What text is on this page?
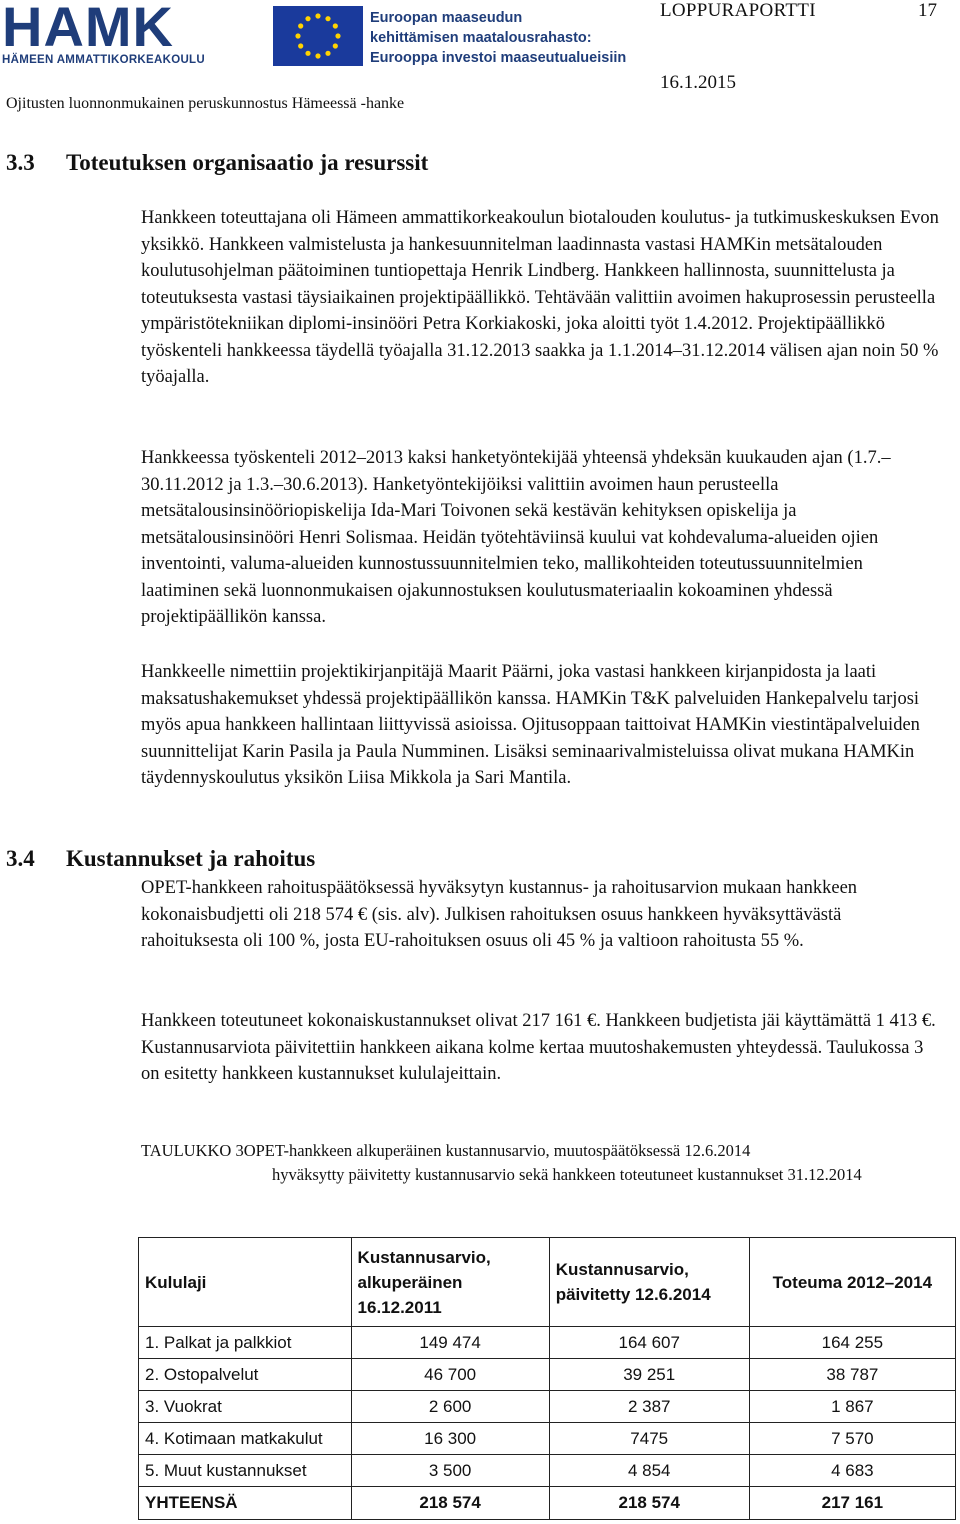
HAMK
HÄMEEN AMMATTIKORKEAKOULU
Euroopan maaseudun
kehittämisen maatalousrahasto:
Eurooppa investoi maaseutualueisiin
LOPPURAPORTTI	17
16.1.2015
Ojitusten luonnonmukainen peruskunnostus Hämeessä -hanke
3.3 Toteutuksen organisaatio ja resurssit

Hankkeen toteuttajana oli Hämeen ammattikorkeakoulun biotalouden koulutus- ja tutkimuskeskuksen Evon yksikkö. Hankkeen valmistelusta ja hankesuunnitelman laadinnasta vastasi HAMKin metsätalouden koulutusohjelman päätoiminen tuntiopettaja Henrik Lindberg. Hankkeen hallinnosta, suunnittelusta ja toteutuksesta vastasi täysiaikainen projektipäällikkö. Tehtävään valittiin avoimen hakuprosessin perusteella ympäristötekniikan diplomi-insinööri Petra Korkiakoski, joka aloitti työt 1.4.2012. Projektipäällikkö työskenteli hankkeessa täydellä työajalla 31.12.2013 saakka ja 1.1.2014–31.12.2014 välisen ajan noin 50 % työajalla.

Hankkeessa työskenteli 2012–2013 kaksi hanketyöntekijää yhteensä yhdeksän kuukauden ajan (1.7.–30.11.2012 ja 1.3.–30.6.2013). Hanketyöntekijöiksi valittiin avoimen haun perusteella metsätalousinsinööriopiskelija Ida-Mari Toivonen sekä kestävän kehityksen opiskelija ja metsätalousinsinööri Henri Solismaa. Heidän työtehtäviinsä kuului vat kohdevaluma-alueiden ojien inventointi, valuma-alueiden kunnostussuunnitelmien teko, mallikohteiden toteutussuunnitelmien laatiminen sekä luonnonmukaisen ojakunnostuksen koulutusmateriaalin kokoaminen yhdessä projektipäällikön kanssa.

Hankkeelle nimettiin projektikirjanpitäjä Maarit Päärni, joka vastasi hankkeen kirjanpidosta ja laati maksatushakemukset yhdessä projektipäällikön kanssa. HAMKin T&K palveluiden Hankepalvelu tarjosi myös apua hankkeen hallintaan liittyvissä asioissa. Ojitusoppaan taittoivat HAMKin viestintäpalveluiden suunnittelijat Karin Pasila ja Paula Numminen. Lisäksi seminaarivalmisteluissa olivat mukana HAMKin täydennyskoulutus yksikön Liisa Mikkola ja Sari Mantila.

3.4 Kustannukset ja rahoitus

OPET-hankkeen rahoituspäätöksessä hyväksytyn kustannus- ja rahoitusarvion mukaan hankkeen kokonaisbudjetti oli 218 574 € (sis. alv). Julkisen rahoituksen osuus hankkeen hyväksyttävästä rahoituksesta oli 100 %, josta EU-rahoituksen osuus oli 45 % ja valtioon rahoitusta 55 %.

Hankkeen toteutuneet kokonaiskustannukset olivat 217 161 €. Hankkeen budjetista jäi käyttämättä 1 413 €. Kustannusarviota päivitettiin hankkeen aikana kolme kertaa muutoshakemusten yhteydessä. Taulukossa 3 on esitetty hankkeen kustannukset kululajeittain.

TAULUKKO 3OPET-hankkeen alkuperäinen kustannusarvio, muutospäätöksessä 12.6.2014
hyväksytty päivitetty kustannusarvio sekä hankkeen toteutuneet kustannukset 31.12.2014
Kululaji	Kustannusarvio, alkuperäinen 16.12.2011	Kustannusarvio, päivitetty 12.6.2014	Toteuma 2012–2014
1. Palkat ja palkkiot	149 474	164 607	164 255
2. Ostopalvelut	46 700	39 251	38 787
3. Vuokrat	2 600	2 387	1 867
4. Kotimaan matkakulut	16 300	7475	7 570
5. Muut kustannukset	3 500	4 854	4 683
YHTEENSÄ	218 574	218 574	217 161
